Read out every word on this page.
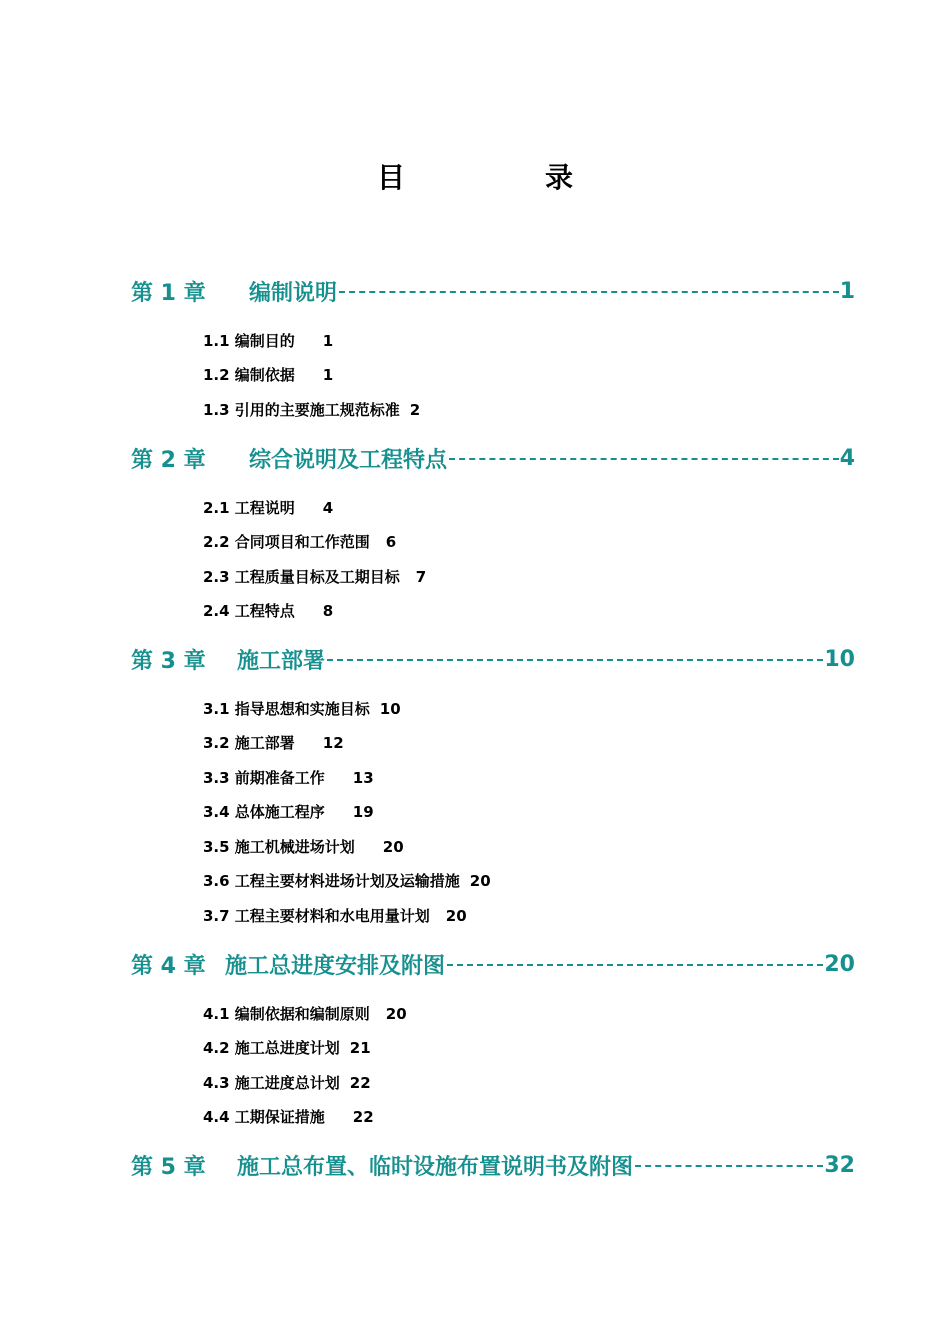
目　录
第 1 章	编制说明	1
1.1 编制目的 1
1.2 编制依据 1
1.3 引用的主要施工规范标准 2
第 2 章	综合说明及工程特点	4
2.1 工程说明 4
2.2 合同项目和工作范围 6
2.3 工程质量目标及工期目标 7
2.4 工程特点 8
第 3 章	施工部署	10
3.1 指导思想和实施目标 10
3.2 施工部署 12
3.3 前期准备工作 13
3.4 总体施工程序 19
3.5 施工机械进场计划 20
3.6 工程主要材料进场计划及运输措施 20
3.7 工程主要材料和水电用量计划 20
第 4 章 施工总进度安排及附图	20
4.1 编制依据和编制原则 20
4.2 施工总进度计划 21
4.3 施工进度总计划 22
4.4 工期保证措施 22
第 5 章	施工总布置、临时设施布置说明书及附图	32
